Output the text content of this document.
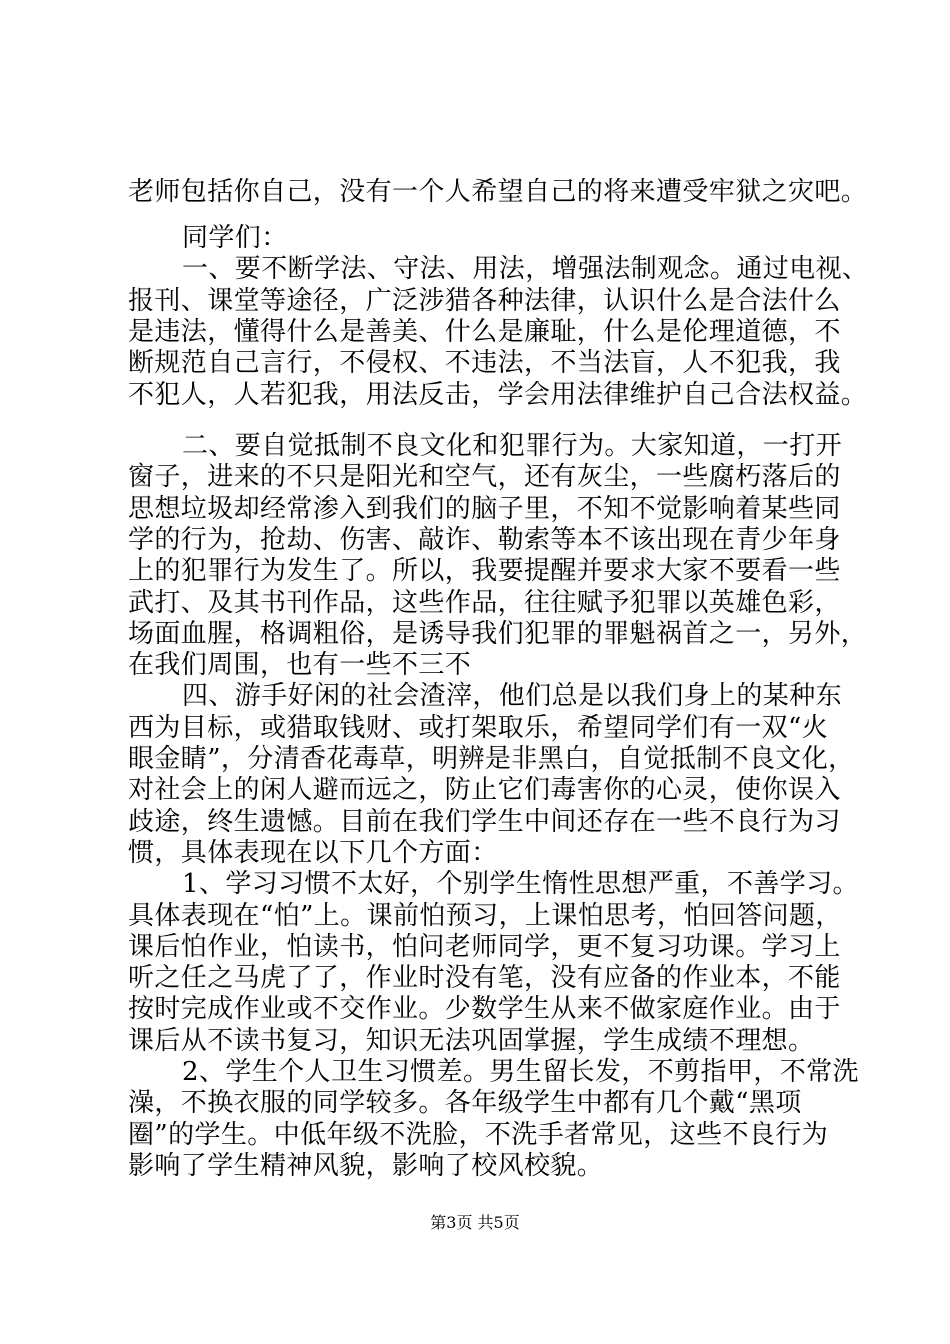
老师包括你自己，没有一个人希望自己的将来遭受牢狱之灾吧。
同学们：
一、要不断学法、守法、用法，增强法制观念。通过电视、
报刊、课堂等途径，广泛涉猎各种法律，认识什么是合法什么
是违法，懂得什么是善美、什么是廉耻，什么是伦理道德，不
断规范自己言行，不侵权、不违法，不当法盲，人不犯我，我
不犯人，人若犯我，用法反击，学会用法律维护自己合法权益。
二、要自觉抵制不良文化和犯罪行为。大家知道，一打开
窗子，进来的不只是阳光和空气，还有灰尘，一些腐朽落后的
思想垃圾却经常渗入到我们的脑子里，不知不觉影响着某些同
学的行为，抢劫、伤害、敲诈、勒索等本不该出现在青少年身
上的犯罪行为发生了。所以，我要提醒并要求大家不要看一些
武打、及其书刊作品，这些作品，往往赋予犯罪以英雄色彩，
场面血腥，格调粗俗，是诱导我们犯罪的罪魁祸首之一，另外，
在我们周围，也有一些不三不
四、游手好闲的社会渣滓，他们总是以我们身上的某种东
西为目标，或猎取钱财、或打架取乐，希望同学们有一双“火
眼金睛”，分清香花毒草，明辨是非黑白，自觉抵制不良文化，
对社会上的闲人避而远之，防止它们毒害你的心灵，使你误入
歧途，终生遗憾。目前在我们学生中间还存在一些不良行为习
惯，具体表现在以下几个方面：
1、学习习惯不太好，个别学生惰性思想严重，不善学习。
具体表现在“怕”上。课前怕预习，上课怕思考，怕回答问题，
课后怕作业，怕读书，怕问老师同学，更不复习功课。学习上
听之任之马虎了了，作业时没有笔，没有应备的作业本，不能
按时完成作业或不交作业。少数学生从来不做家庭作业。由于
课后从不读书复习，知识无法巩固掌握，学生成绩不理想。
2、学生个人卫生习惯差。男生留长发，不剪指甲，不常洗
澡，不换衣服的同学较多。各年级学生中都有几个戴“黑项
圈”的学生。中低年级不洗脸，不洗手者常见，这些不良行为
影响了学生精神风貌，影响了校风校貌。
第3页 共5页
